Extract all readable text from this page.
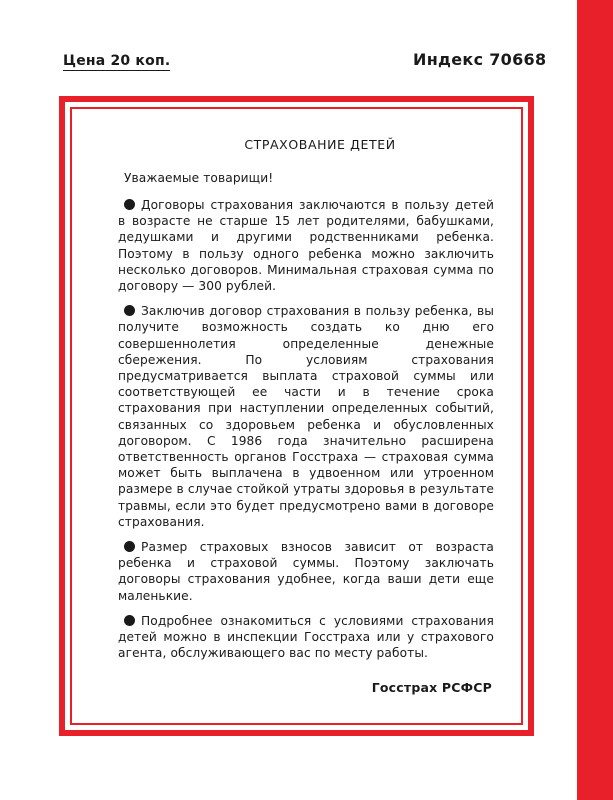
Цена 20 коп.	Индекс 70668
СТРАХОВАНИЕ ДЕТЕЙ
Уважаемые товарищи!

Договоры страхования заключаются в пользу детей в возрасте не старше 15 лет родителями, бабушками, дедушками и другими родственниками ребенка. Поэтому в пользу одного ребенка можно заключить несколько договоров. Минимальная страховая сумма по договору — 300 рублей.

Заключив договор страхования в пользу ребенка, вы получите возможность создать ко дню его совершеннолетия определенные денежные сбережения. По условиям страхования предусматривается выплата страховой суммы или соответствующей ее части и в течение срока страхования при наступлении определенных событий, связанных со здоровьем ребенка и обусловленных договором. С 1986 года значительно расширена ответственность органов Госстраха — страховая сумма может быть выплачена в удвоенном или утроенном размере в случае стойкой утраты здоровья в результате травмы, если это будет предусмотрено вами в договоре страхования.

Размер страховых взносов зависит от возраста ребенка и страховой суммы. Поэтому заключать договоры страхования удобнее, когда ваши дети еще маленькие.

Подробнее ознакомиться с условиями страхования детей можно в инспекции Госстраха или у страхового агента, обслуживающего вас по месту работы.

Госстрах РСФСР
